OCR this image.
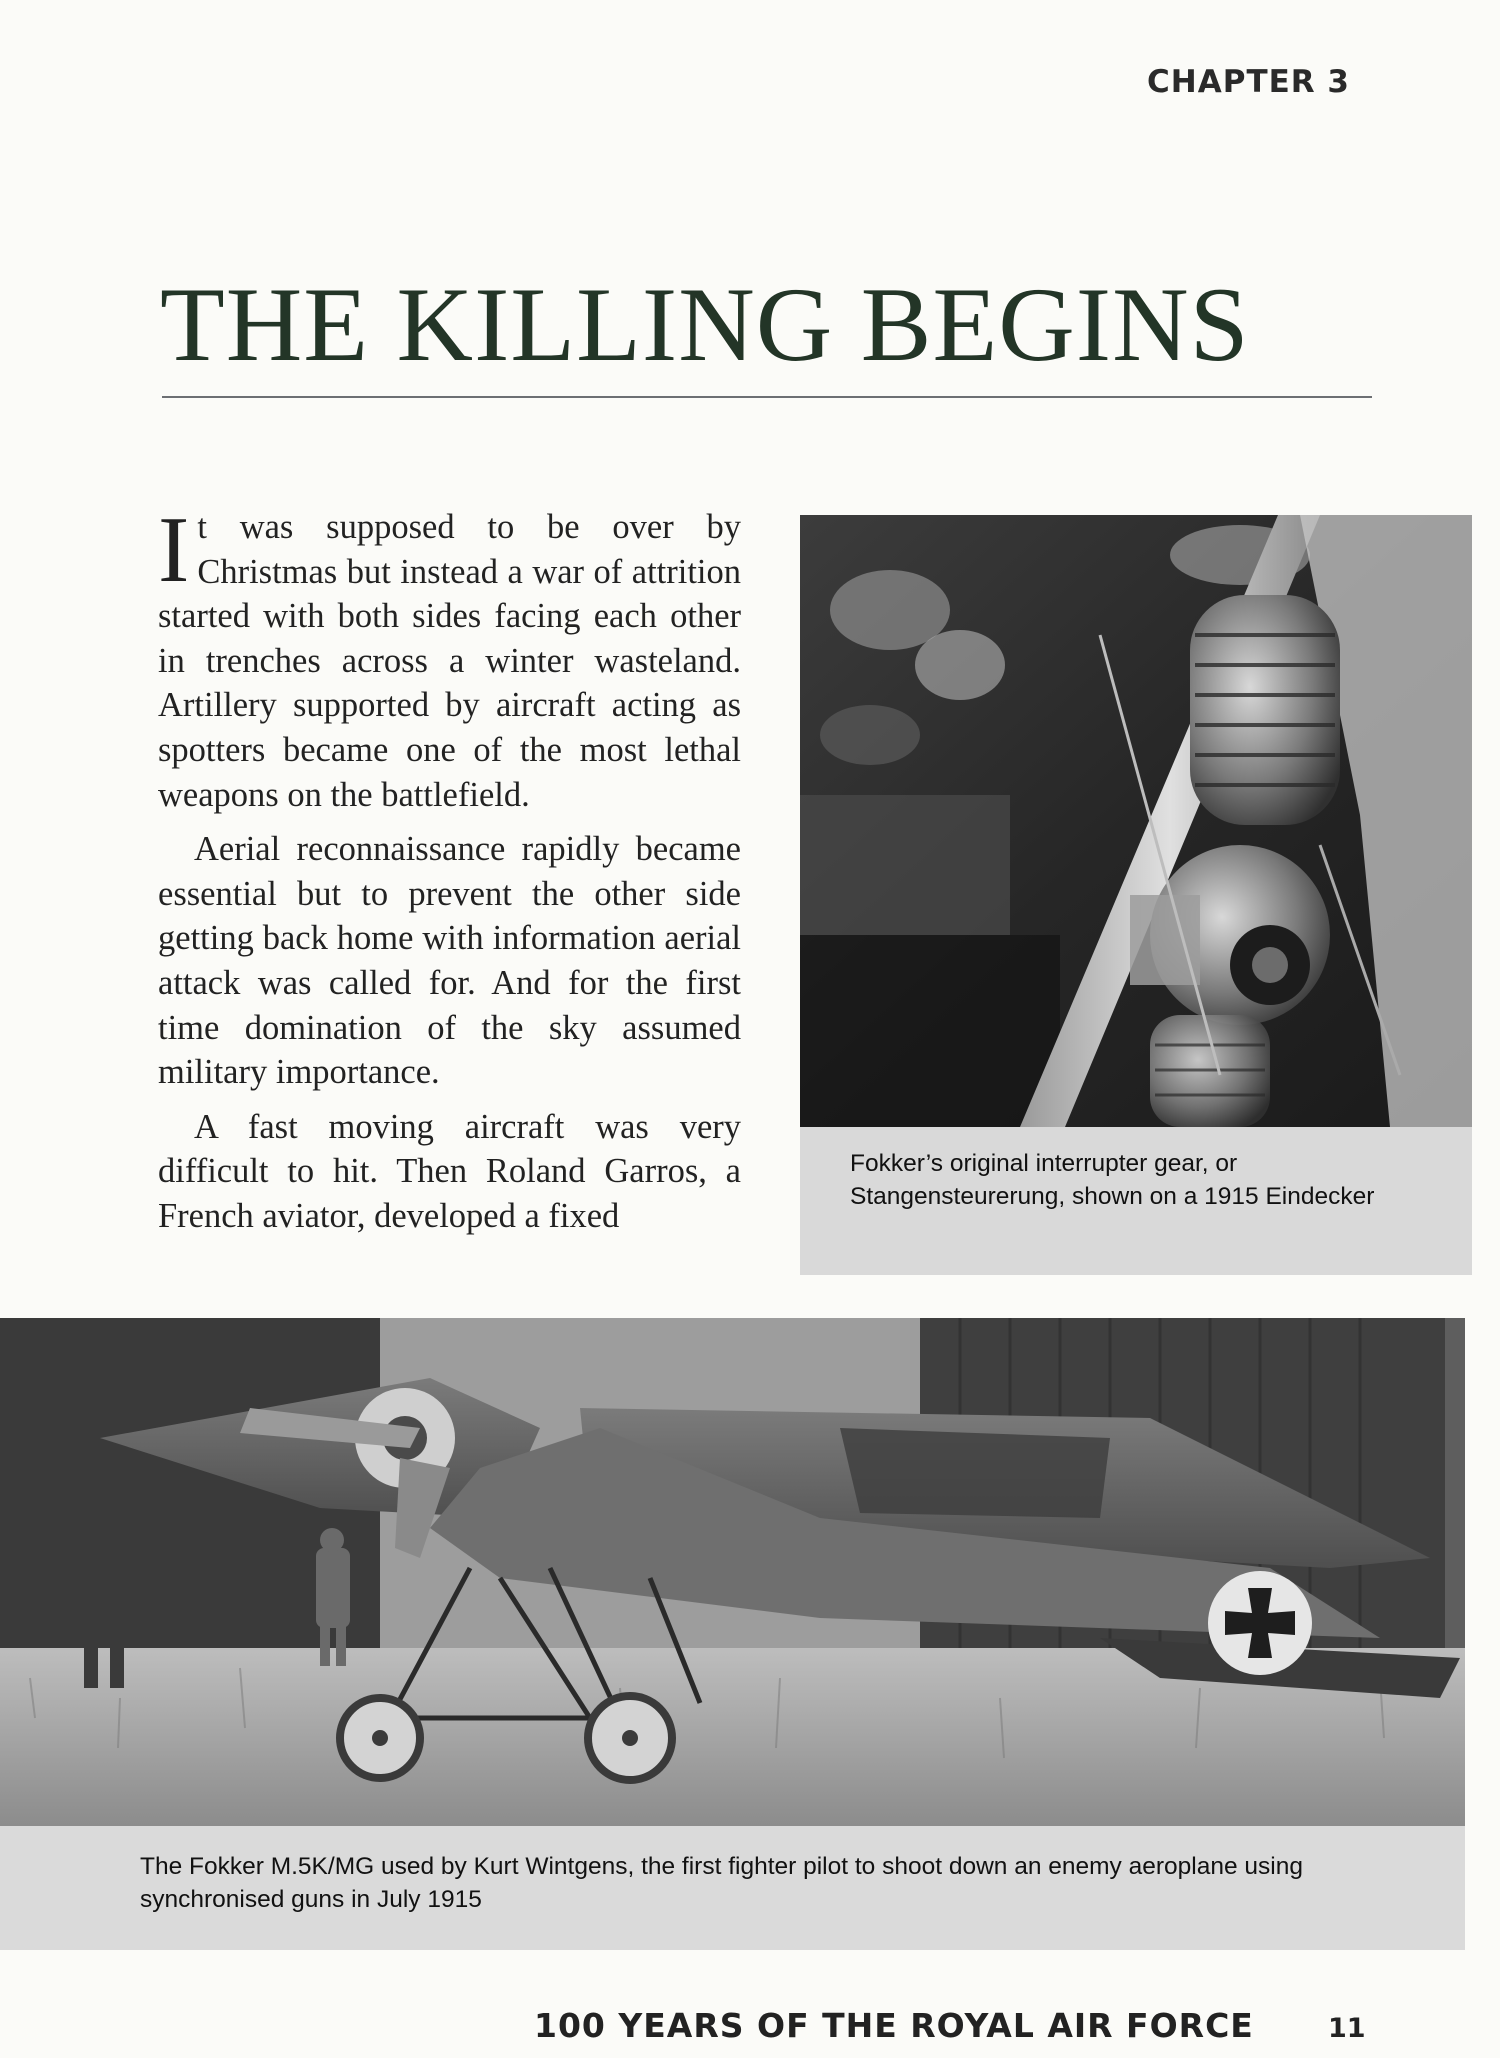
CHAPTER 3
THE KILLING BEGINS

It was supposed to be over by Christmas but instead a war of attrition started with both sides facing each other in trenches across a winter wasteland. Artillery supported by aircraft acting as spotters became one of the most lethal weapons on the battlefield.

Aerial reconnaissance rapidly became essential but to prevent the other side getting back home with information aerial attack was called for. And for the first time domination of the sky assumed military importance.

A fast moving aircraft was very difficult to hit. Then Roland Garros, a French aviator, developed a fixed

Fokker’s original interrupter gear, or Stangensteurerung, shown on a 1915 Eindecker
The Fokker M.5K/MG used by Kurt Wintgens, the first fighter pilot to shoot down an enemy aeroplane using synchronised guns in July 1915
100 YEARS OF THE ROYAL AIR FORCE	11
